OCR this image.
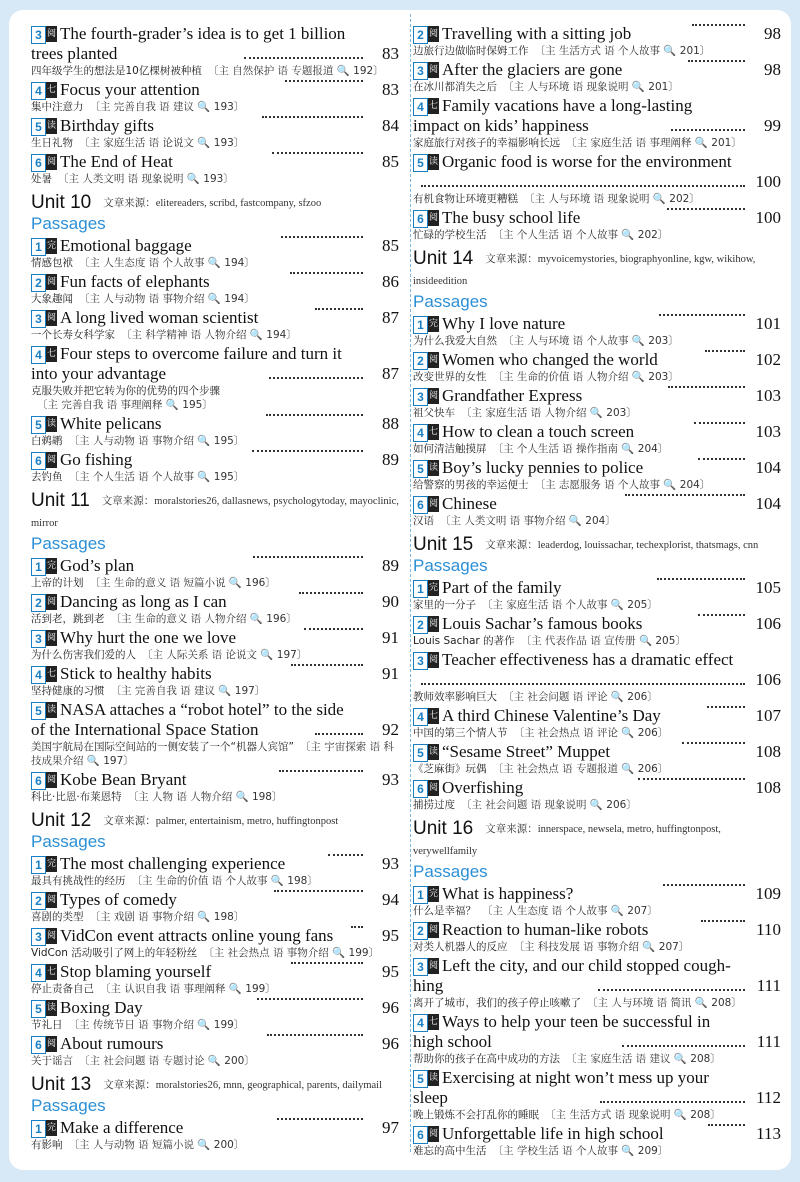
3 阅 The fourth-grader’s idea is to get 1 billion
trees planted	83
四年级学生的想法是10亿棵树被种植 〔主 自然保护 语 专题报道 🔍 192〕
4 七 Focus your attention	83
集中注意力 〔主 完善自我 语 建议 🔍 193〕
5 读 Birthday gifts	84
生日礼物 〔主 家庭生活 语 论说文 🔍 193〕
6 阅 The End of Heat	85
处暑 〔主 人类文明 语 现象说明 🔍 193〕
Unit 10 文章来源：elitereaders, scribd, fastcompany, sfzoo
Passages
1 完 Emotional baggage	85
情感包袱 〔主 人生态度 语 个人故事 🔍 194〕
2 阅 Fun facts of elephants	86
大象趣闻 〔主 人与动物 语 事物介绍 🔍 194〕
3 阅 A long lived woman scientist	87
一个长寿女科学家 〔主 科学精神 语 人物介绍 🔍 194〕
4 七 Four steps to overcome failure and turn it
into your advantage	87
克服失败并把它转为你的优势的四个步骤〔主 完善自我 语 事理阐释 🔍 195〕
5 读 White pelicans	88
白鹈鹕 〔主 人与动物 语 事物介绍 🔍 195〕
6 阅 Go fishing	89
去钓鱼 〔主 个人生活 语 个人故事 🔍 195〕
Unit 11 文章来源：moralstories26, dallasnews, psychologytoday, mayoclinic, mirror
Passages
1 完 God’s plan	89
上帝的计划 〔主 生命的意义 语 短篇小说 🔍 196〕
2 阅 Dancing as long as I can	90
活到老，跳到老 〔主 生命的意义 语 人物介绍 🔍 196〕
3 阅 Why hurt the one we love	91
为什么伤害我们爱的人 〔主 人际关系 语 论说文 🔍 197〕
4 七 Stick to healthy habits	91
坚持健康的习惯 〔主 完善自我 语 建议 🔍 197〕
5 读 NASA attaches a “robot hotel” to the side
of the International Space Station	92
美国宇航局在国际空间站的一侧安装了一个“机器人宾馆” 〔主 宇宙探索 语 科技成果介绍 🔍 197〕
6 阅 Kobe Bean Bryant	93
科比·比恩·布莱恩特 〔主 人物 语 人物介绍 🔍 198〕
Unit 12 文章来源：palmer, entertainism, metro, huffingtonpost
Passages
1 完 The most challenging experience	93
最具有挑战性的经历 〔主 生命的价值 语 个人故事 🔍 198〕
2 阅 Types of comedy	94
喜剧的类型 〔主 戏剧 语 事物介绍 🔍 198〕
3 阅 VidCon event attracts online young fans	95
VidCon 活动吸引了网上的年轻粉丝 〔主 社会热点 语 事物介绍 🔍 199〕
4 七 Stop blaming yourself	95
停止责备自己 〔主 认识自我 语 事理阐释 🔍 199〕
5 读 Boxing Day	96
节礼日 〔主 传统节日 语 事物介绍 🔍 199〕
6 阅 About rumours	96
关于谣言 〔主 社会问题 语 专题讨论 🔍 200〕
Unit 13 文章来源：moralstories26, mnn, geographical, parents, dailymail
Passages
1 完 Make a difference	97
有影响 〔主 人与动物 语 短篇小说 🔍 200〕
2 阅 Travelling with a sitting job	98
边旅行边做临时保姆工作 〔主 生活方式 语 个人故事 🔍 201〕
3 阅 After the glaciers are gone	98
在冰川都消失之后 〔主 人与环境 语 现象说明 🔍 201〕
4 七 Family vacations have a long-lasting
impact on kids’ happiness	99
家庭旅行对孩子的幸福影响长远 〔主 家庭生活 语 事理阐释 🔍 201〕
5 读 Organic food is worse for the environment
100
有机食物让环境更糟糕 〔主 人与环境 语 现象说明 🔍 202〕
6 阅 The busy school life	100
忙碌的学校生活 〔主 个人生活 语 个人故事 🔍 202〕
Unit 14 文章来源：myvoicemystories, biographyonline, kgw, wikihow, insideedition
Passages
1 完 Why I love nature	101
为什么我爱大自然 〔主 人与环境 语 个人故事 🔍 203〕
2 阅 Women who changed the world	102
改变世界的女性 〔主 生命的价值 语 人物介绍 🔍 203〕
3 阅 Grandfather Express	103
祖父快车 〔主 家庭生活 语 人物介绍 🔍 203〕
4 七 How to clean a touch screen	103
如何清洁触摸屏 〔主 个人生活 语 操作指南 🔍 204〕
5 读 Boy’s lucky pennies to police	104
给警察的男孩的幸运便士 〔主 志愿服务 语 个人故事 🔍 204〕
6 阅 Chinese	104
汉语 〔主 人类文明 语 事物介绍 🔍 204〕
Unit 15 文章来源：leaderdog, louissachar, techexplorist, thatsmags, cnn
Passages
1 完 Part of the family	105
家里的一分子 〔主 家庭生活 语 个人故事 🔍 205〕
2 阅 Louis Sachar’s famous books	106
Louis Sachar 的著作 〔主 代表作品 语 宣传册 🔍 205〕
3 阅 Teacher effectiveness has a dramatic effect
106
教师效率影响巨大 〔主 社会问题 语 评论 🔍 206〕
4 七 A third Chinese Valentine’s Day	107
中国的第三个情人节 〔主 社会热点 语 评论 🔍 206〕
5 读 “Sesame Street” Muppet	108
《芝麻街》玩偶 〔主 社会热点 语 专题报道 🔍 206〕
6 阅 Overfishing	108
捕捞过度 〔主 社会问题 语 现象说明 🔍 206〕
Unit 16 文章来源：innerspace, newsela, metro, huffingtonpost, verywellfamily
Passages
1 完 What is happiness?	109
什么是幸福？ 〔主 人生态度 语 个人故事 🔍 207〕
2 阅 Reaction to human-like robots	110
对类人机器人的反应 〔主 科技发展 语 事物介绍 🔍 207〕
3 阅 Left the city, and our child stopped cough-
hing	111
离开了城市，我们的孩子停止咳嗽了 〔主 人与环境 语 简讯 🔍 208〕
4 七 Ways to help your teen be successful in
high school	111
帮助你的孩子在高中成功的方法 〔主 家庭生活 语 建议 🔍 208〕
5 读 Exercising at night won’t mess up your
sleep	112
晚上锻炼不会打乱你的睡眠 〔主 生活方式 语 现象说明 🔍 208〕
6 阅 Unforgettable life in high school	113
难忘的高中生活 〔主 学校生活 语 个人故事 🔍 209〕
